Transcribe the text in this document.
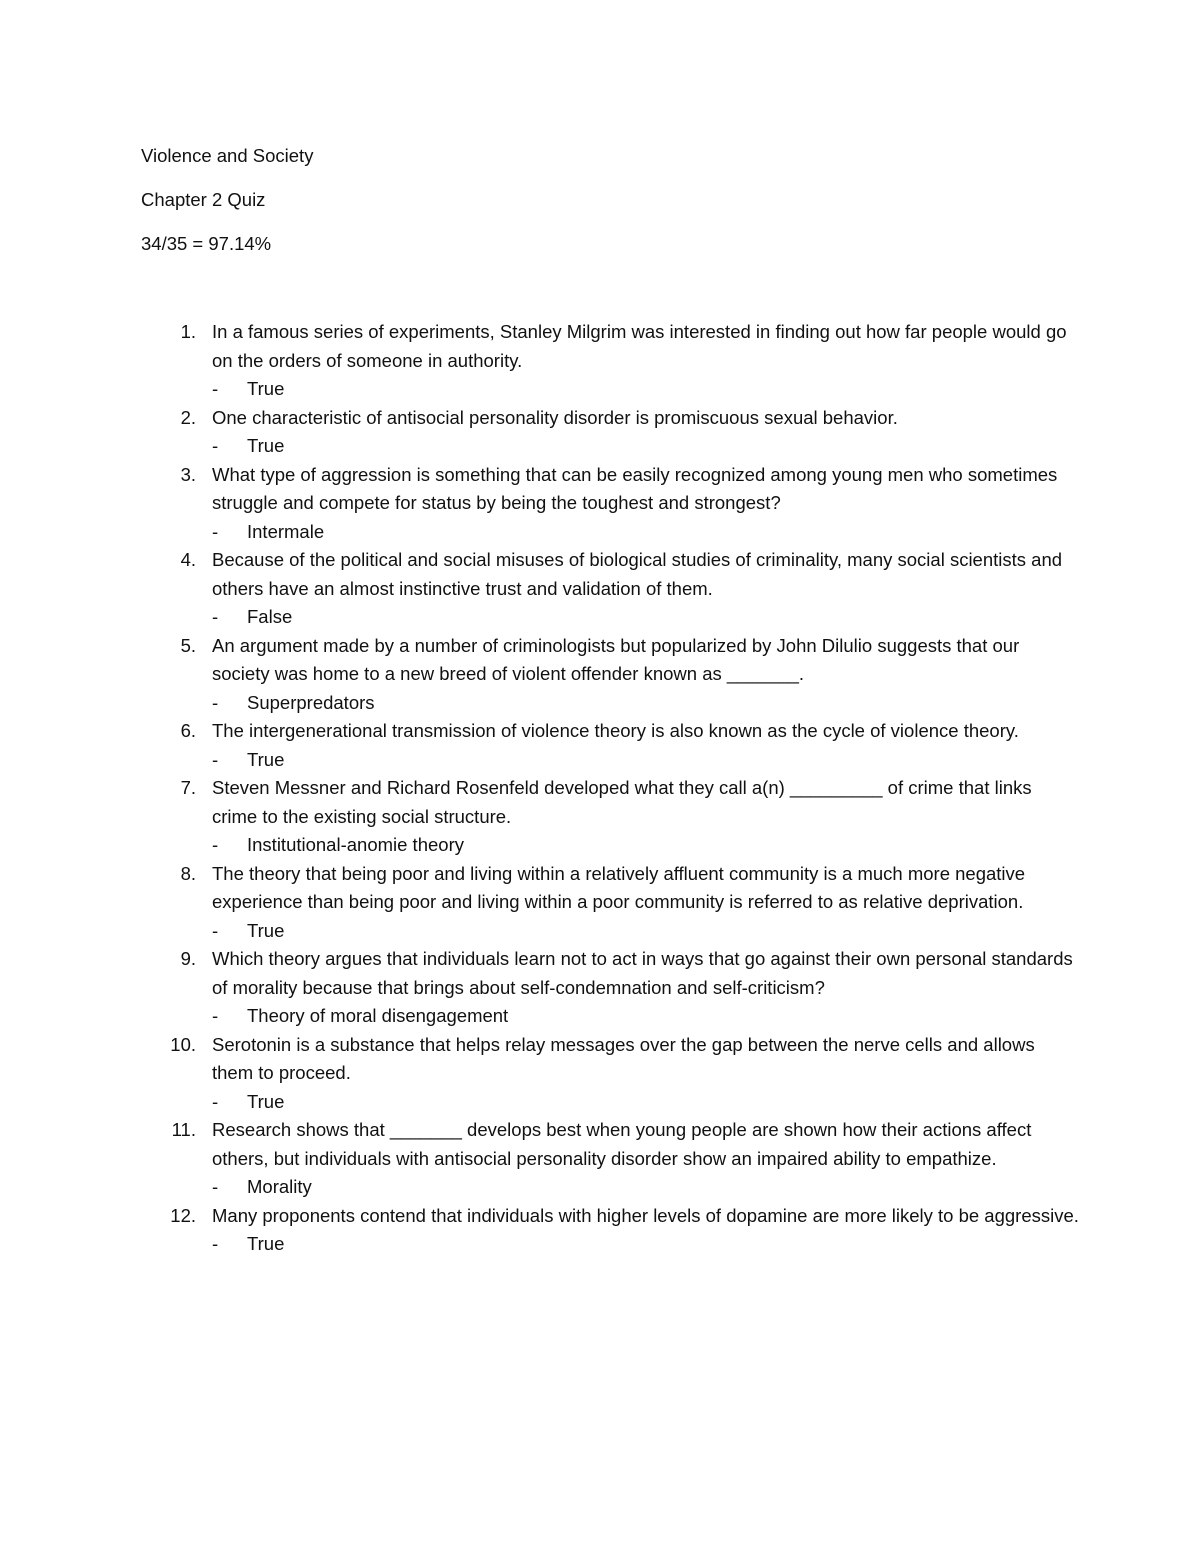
Violence and Society
Chapter 2 Quiz
34/35 = 97.14%
1. In a famous series of experiments, Stanley Milgrim was interested in finding out how far people would go on the orders of someone in authority.
- True
2. One characteristic of antisocial personality disorder is promiscuous sexual behavior.
- True
3. What type of aggression is something that can be easily recognized among young men who sometimes struggle and compete for status by being the toughest and strongest?
- Intermale
4. Because of the political and social misuses of biological studies of criminality, many social scientists and others have an almost instinctive trust and validation of them.
- False
5. An argument made by a number of criminologists but popularized by John Dilulio suggests that our society was home to a new breed of violent offender known as _______.
- Superpredators
6. The intergenerational transmission of violence theory is also known as the cycle of violence theory.
- True
7. Steven Messner and Richard Rosenfeld developed what they call a(n) _________ of crime that links crime to the existing social structure.
- Institutional-anomie theory
8. The theory that being poor and living within a relatively affluent community is a much more negative experience than being poor and living within a poor community is referred to as relative deprivation.
- True
9. Which theory argues that individuals learn not to act in ways that go against their own personal standards of morality because that brings about self-condemnation and self-criticism?
- Theory of moral disengagement
10. Serotonin is a substance that helps relay messages over the gap between the nerve cells and allows them to proceed.
- True
11. Research shows that _______ develops best when young people are shown how their actions affect others, but individuals with antisocial personality disorder show an impaired ability to empathize.
- Morality
12. Many proponents contend that individuals with higher levels of dopamine are more likely to be aggressive.
- True
